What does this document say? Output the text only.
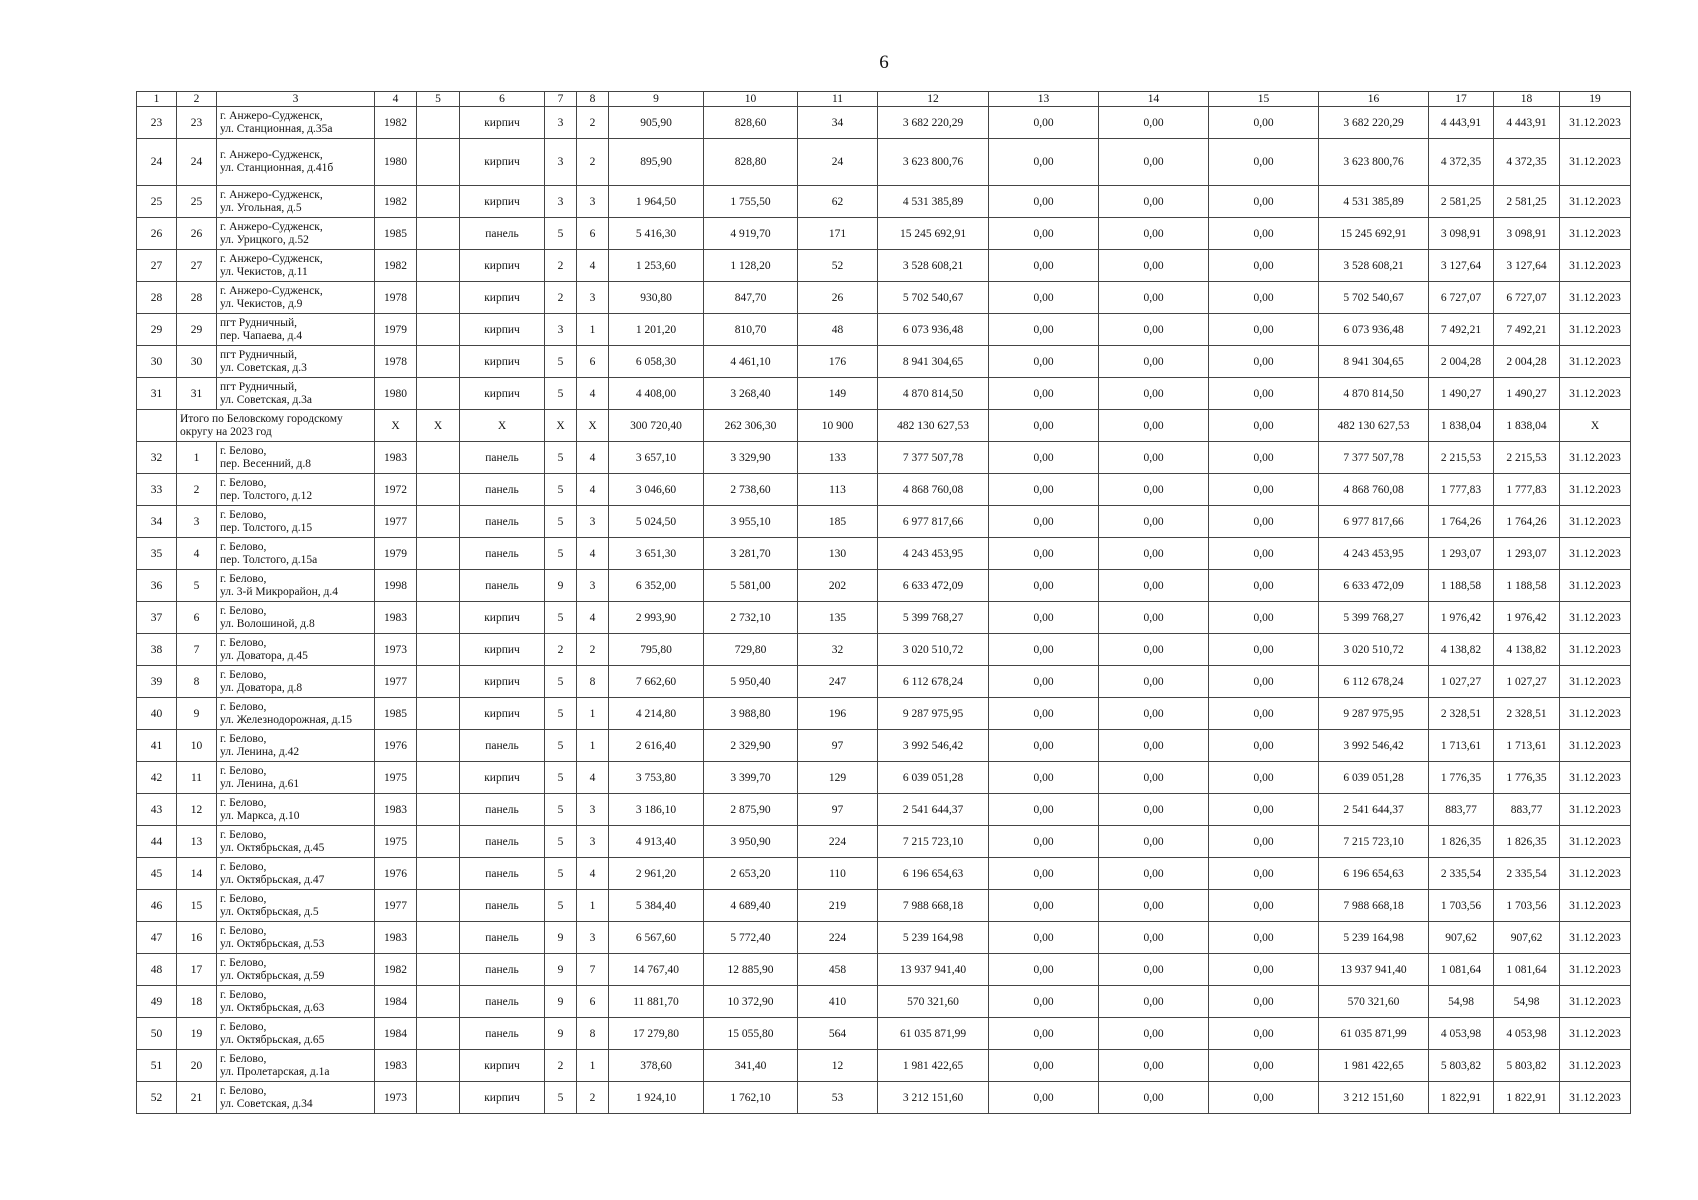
6
1	2	3	4	5	6	7	8	9	10	11	12	13	14	15	16	17	18	19
23	23	г. Анжеро-Судженск,
ул. Станционная, д.35а	1982		кирпич	3	2	905,90	828,60	34	3 682 220,29	0,00	0,00	0,00	3 682 220,29	4 443,91	4 443,91	31.12.2023
24	24	г. Анжеро-Судженск,
ул. Станционная, д.41б	1980		кирпич	3	2	895,90	828,80	24	3 623 800,76	0,00	0,00	0,00	3 623 800,76	4 372,35	4 372,35	31.12.2023
25	25	г. Анжеро-Судженск,
ул. Угольная, д.5	1982		кирпич	3	3	1 964,50	1 755,50	62	4 531 385,89	0,00	0,00	0,00	4 531 385,89	2 581,25	2 581,25	31.12.2023
26	26	г. Анжеро-Судженск,
ул. Урицкого, д.52	1985		панель	5	6	5 416,30	4 919,70	171	15 245 692,91	0,00	0,00	0,00	15 245 692,91	3 098,91	3 098,91	31.12.2023
27	27	г. Анжеро-Судженск,
ул. Чекистов, д.11	1982		кирпич	2	4	1 253,60	1 128,20	52	3 528 608,21	0,00	0,00	0,00	3 528 608,21	3 127,64	3 127,64	31.12.2023
28	28	г. Анжеро-Судженск,
ул. Чекистов, д.9	1978		кирпич	2	3	930,80	847,70	26	5 702 540,67	0,00	0,00	0,00	5 702 540,67	6 727,07	6 727,07	31.12.2023
29	29	пгт Рудничный,
пер. Чапаева, д.4	1979		кирпич	3	1	1 201,20	810,70	48	6 073 936,48	0,00	0,00	0,00	6 073 936,48	7 492,21	7 492,21	31.12.2023
30	30	пгт Рудничный,
ул. Советская, д.3	1978		кирпич	5	6	6 058,30	4 461,10	176	8 941 304,65	0,00	0,00	0,00	8 941 304,65	2 004,28	2 004,28	31.12.2023
31	31	пгт Рудничный,
ул. Советская, д.3а	1980		кирпич	5	4	4 408,00	3 268,40	149	4 870 814,50	0,00	0,00	0,00	4 870 814,50	1 490,27	1 490,27	31.12.2023
	Итого по Беловскому городскому округу на 2023 год		X	X	X	X	X	300 720,40	262 306,30	10 900	482 130 627,53	0,00	0,00	0,00	482 130 627,53	1 838,04	1 838,04	X
32	1	г. Белово,
пер. Весенний, д.8	1983		панель	5	4	3 657,10	3 329,90	133	7 377 507,78	0,00	0,00	0,00	7 377 507,78	2 215,53	2 215,53	31.12.2023
33	2	г. Белово,
пер. Толстого, д.12	1972		панель	5	4	3 046,60	2 738,60	113	4 868 760,08	0,00	0,00	0,00	4 868 760,08	1 777,83	1 777,83	31.12.2023
34	3	г. Белово,
пер. Толстого, д.15	1977		панель	5	3	5 024,50	3 955,10	185	6 977 817,66	0,00	0,00	0,00	6 977 817,66	1 764,26	1 764,26	31.12.2023
35	4	г. Белово,
пер. Толстого, д.15а	1979		панель	5	4	3 651,30	3 281,70	130	4 243 453,95	0,00	0,00	0,00	4 243 453,95	1 293,07	1 293,07	31.12.2023
36	5	г. Белово,
ул. 3-й Микрорайон, д.4	1998		панель	9	3	6 352,00	5 581,00	202	6 633 472,09	0,00	0,00	0,00	6 633 472,09	1 188,58	1 188,58	31.12.2023
37	6	г. Белово,
ул. Волошиной, д.8	1983		кирпич	5	4	2 993,90	2 732,10	135	5 399 768,27	0,00	0,00	0,00	5 399 768,27	1 976,42	1 976,42	31.12.2023
38	7	г. Белово,
ул. Доватора, д.45	1973		кирпич	2	2	795,80	729,80	32	3 020 510,72	0,00	0,00	0,00	3 020 510,72	4 138,82	4 138,82	31.12.2023
39	8	г. Белово,
ул. Доватора, д.8	1977		кирпич	5	8	7 662,60	5 950,40	247	6 112 678,24	0,00	0,00	0,00	6 112 678,24	1 027,27	1 027,27	31.12.2023
40	9	г. Белово,
ул. Железнодорожная, д.15	1985		кирпич	5	1	4 214,80	3 988,80	196	9 287 975,95	0,00	0,00	0,00	9 287 975,95	2 328,51	2 328,51	31.12.2023
41	10	г. Белово,
ул. Ленина, д.42	1976		панель	5	1	2 616,40	2 329,90	97	3 992 546,42	0,00	0,00	0,00	3 992 546,42	1 713,61	1 713,61	31.12.2023
42	11	г. Белово,
ул. Ленина, д.61	1975		кирпич	5	4	3 753,80	3 399,70	129	6 039 051,28	0,00	0,00	0,00	6 039 051,28	1 776,35	1 776,35	31.12.2023
43	12	г. Белово,
ул. Маркса, д.10	1983		панель	5	3	3 186,10	2 875,90	97	2 541 644,37	0,00	0,00	0,00	2 541 644,37	883,77	883,77	31.12.2023
44	13	г. Белово,
ул. Октябрьская, д.45	1975		панель	5	3	4 913,40	3 950,90	224	7 215 723,10	0,00	0,00	0,00	7 215 723,10	1 826,35	1 826,35	31.12.2023
45	14	г. Белово,
ул. Октябрьская, д.47	1976		панель	5	4	2 961,20	2 653,20	110	6 196 654,63	0,00	0,00	0,00	6 196 654,63	2 335,54	2 335,54	31.12.2023
46	15	г. Белово,
ул. Октябрьская, д.5	1977		панель	5	1	5 384,40	4 689,40	219	7 988 668,18	0,00	0,00	0,00	7 988 668,18	1 703,56	1 703,56	31.12.2023
47	16	г. Белово,
ул. Октябрьская, д.53	1983		панель	9	3	6 567,60	5 772,40	224	5 239 164,98	0,00	0,00	0,00	5 239 164,98	907,62	907,62	31.12.2023
48	17	г. Белово,
ул. Октябрьская, д.59	1982		панель	9	7	14 767,40	12 885,90	458	13 937 941,40	0,00	0,00	0,00	13 937 941,40	1 081,64	1 081,64	31.12.2023
49	18	г. Белово,
ул. Октябрьская, д.63	1984		панель	9	6	11 881,70	10 372,90	410	570 321,60	0,00	0,00	0,00	570 321,60	54,98	54,98	31.12.2023
50	19	г. Белово,
ул. Октябрьская, д.65	1984		панель	9	8	17 279,80	15 055,80	564	61 035 871,99	0,00	0,00	0,00	61 035 871,99	4 053,98	4 053,98	31.12.2023
51	20	г. Белово,
ул. Пролетарская, д.1а	1983		кирпич	2	1	378,60	341,40	12	1 981 422,65	0,00	0,00	0,00	1 981 422,65	5 803,82	5 803,82	31.12.2023
52	21	г. Белово,
ул. Советская, д.34	1973		кирпич	5	2	1 924,10	1 762,10	53	3 212 151,60	0,00	0,00	0,00	3 212 151,60	1 822,91	1 822,91	31.12.2023
